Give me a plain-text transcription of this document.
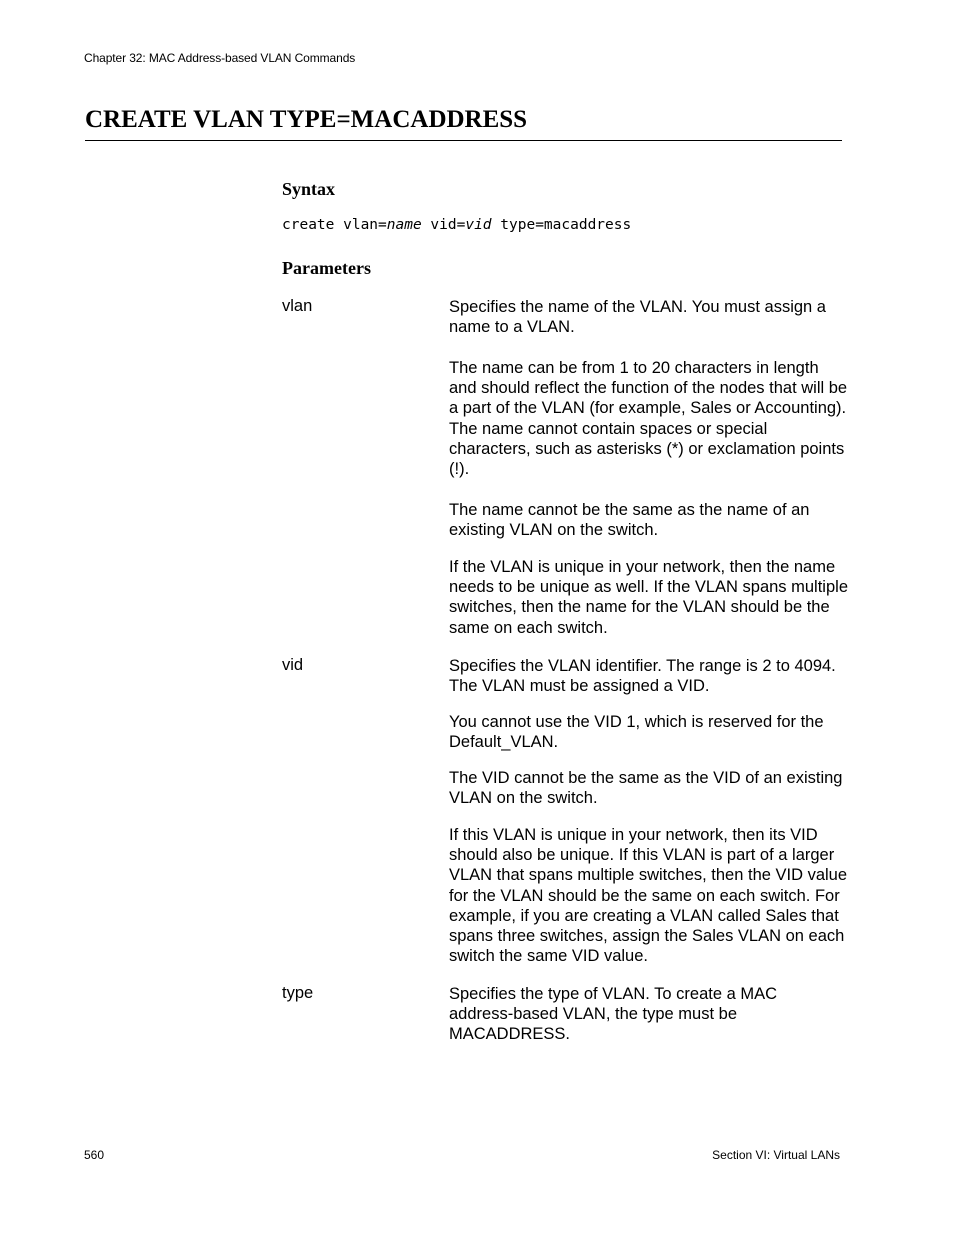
Chapter 32: MAC Address-based VLAN Commands
CREATE VLAN TYPE=MACADDRESS
Syntax
create vlan=name vid=vid type=macaddress
Parameters
vlan	Specifies the name of the VLAN. You must assign a name to a VLAN.

The name can be from 1 to 20 characters in length and should reflect the function of the nodes that will be a part of the VLAN (for example, Sales or Accounting). The name cannot contain spaces or special characters, such as asterisks (*) or exclamation points (!).

The name cannot be the same as the name of an existing VLAN on the switch.

If the VLAN is unique in your network, then the name needs to be unique as well. If the VLAN spans multiple switches, then the name for the VLAN should be the same on each switch.

vid	Specifies the VLAN identifier. The range is 2 to 4094. The VLAN must be assigned a VID.

You cannot use the VID 1, which is reserved for the Default_VLAN.

The VID cannot be the same as the VID of an existing VLAN on the switch.

If this VLAN is unique in your network, then its VID should also be unique. If this VLAN is part of a larger VLAN that spans multiple switches, then the VID value for the VLAN should be the same on each switch. For example, if you are creating a VLAN called Sales that spans three switches, assign the Sales VLAN on each switch the same VID value.

type	Specifies the type of VLAN. To create a MAC address-based VLAN, the type must be MACADDRESS.

560	Section VI: Virtual LANs
